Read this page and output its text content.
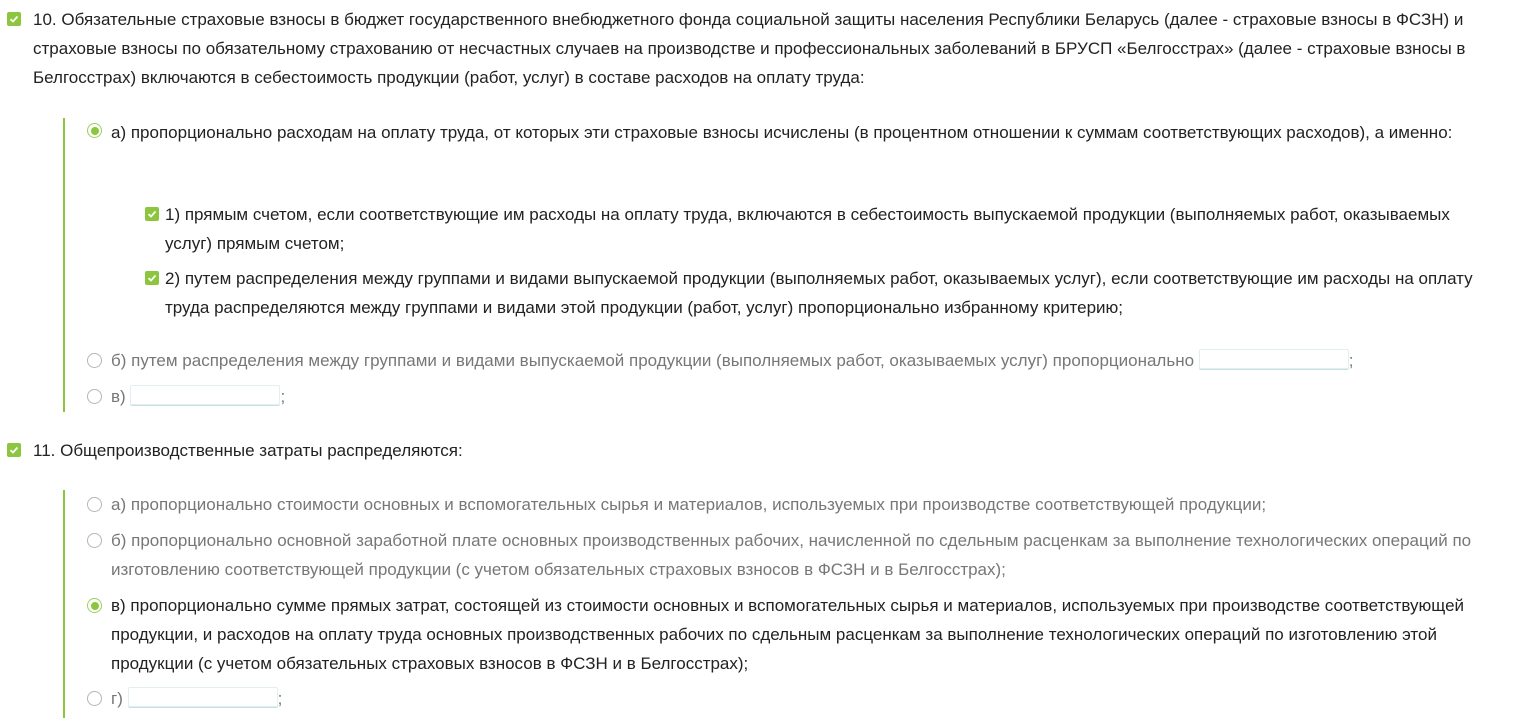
10. Обязательные страховые взносы в бюджет государственного внебюджетного фонда социальной защиты населения Республики Беларусь (далее - страховые взносы в ФСЗН) и страховые взносы по обязательному страхованию от несчастных случаев на производстве и профессиональных заболеваний в БРУСП «Белгосстрах» (далее - страховые взносы в Белгосстрах) включаются в себестоимость продукции (работ, услуг) в составе расходов на оплату труда:
а) пропорционально расходам на оплату труда, от которых эти страховые взносы исчислены (в процентном отношении к суммам соответствующих расходов), а именно:
1) прямым счетом, если соответствующие им расходы на оплату труда, включаются в себестоимость выпускаемой продукции (выполняемых работ, оказываемых услуг) прямым счетом;
2) путем распределения между группами и видами выпускаемой продукции (выполняемых работ, оказываемых услуг), если соответствующие им расходы на оплату труда распределяются между группами и видами этой продукции (работ, услуг) пропорционально избранному критерию;
б) путем распределения между группами и видами выпускаемой продукции (выполняемых работ, оказываемых услуг) пропорционально	;
в)	;
11. Общепроизводственные затраты распределяются:
а) пропорционально стоимости основных и вспомогательных сырья и материалов, используемых при производстве соответствующей продукции;
б) пропорционально основной заработной плате основных производственных рабочих, начисленной по сдельным расценкам за выполнение технологических операций по изготовлению соответствующей продукции (с учетом обязательных страховых взносов в ФСЗН и в Белгосстрах);
в) пропорционально сумме прямых затрат, состоящей из стоимости основных и вспомогательных сырья и материалов, используемых при производстве соответствующей продукции, и расходов на оплату труда основных производственных рабочих по сдельным расценкам за выполнение технологических операций по изготовлению этой продукции (с учетом обязательных страховых взносов в ФСЗН и в Белгосстрах);
г)	;
